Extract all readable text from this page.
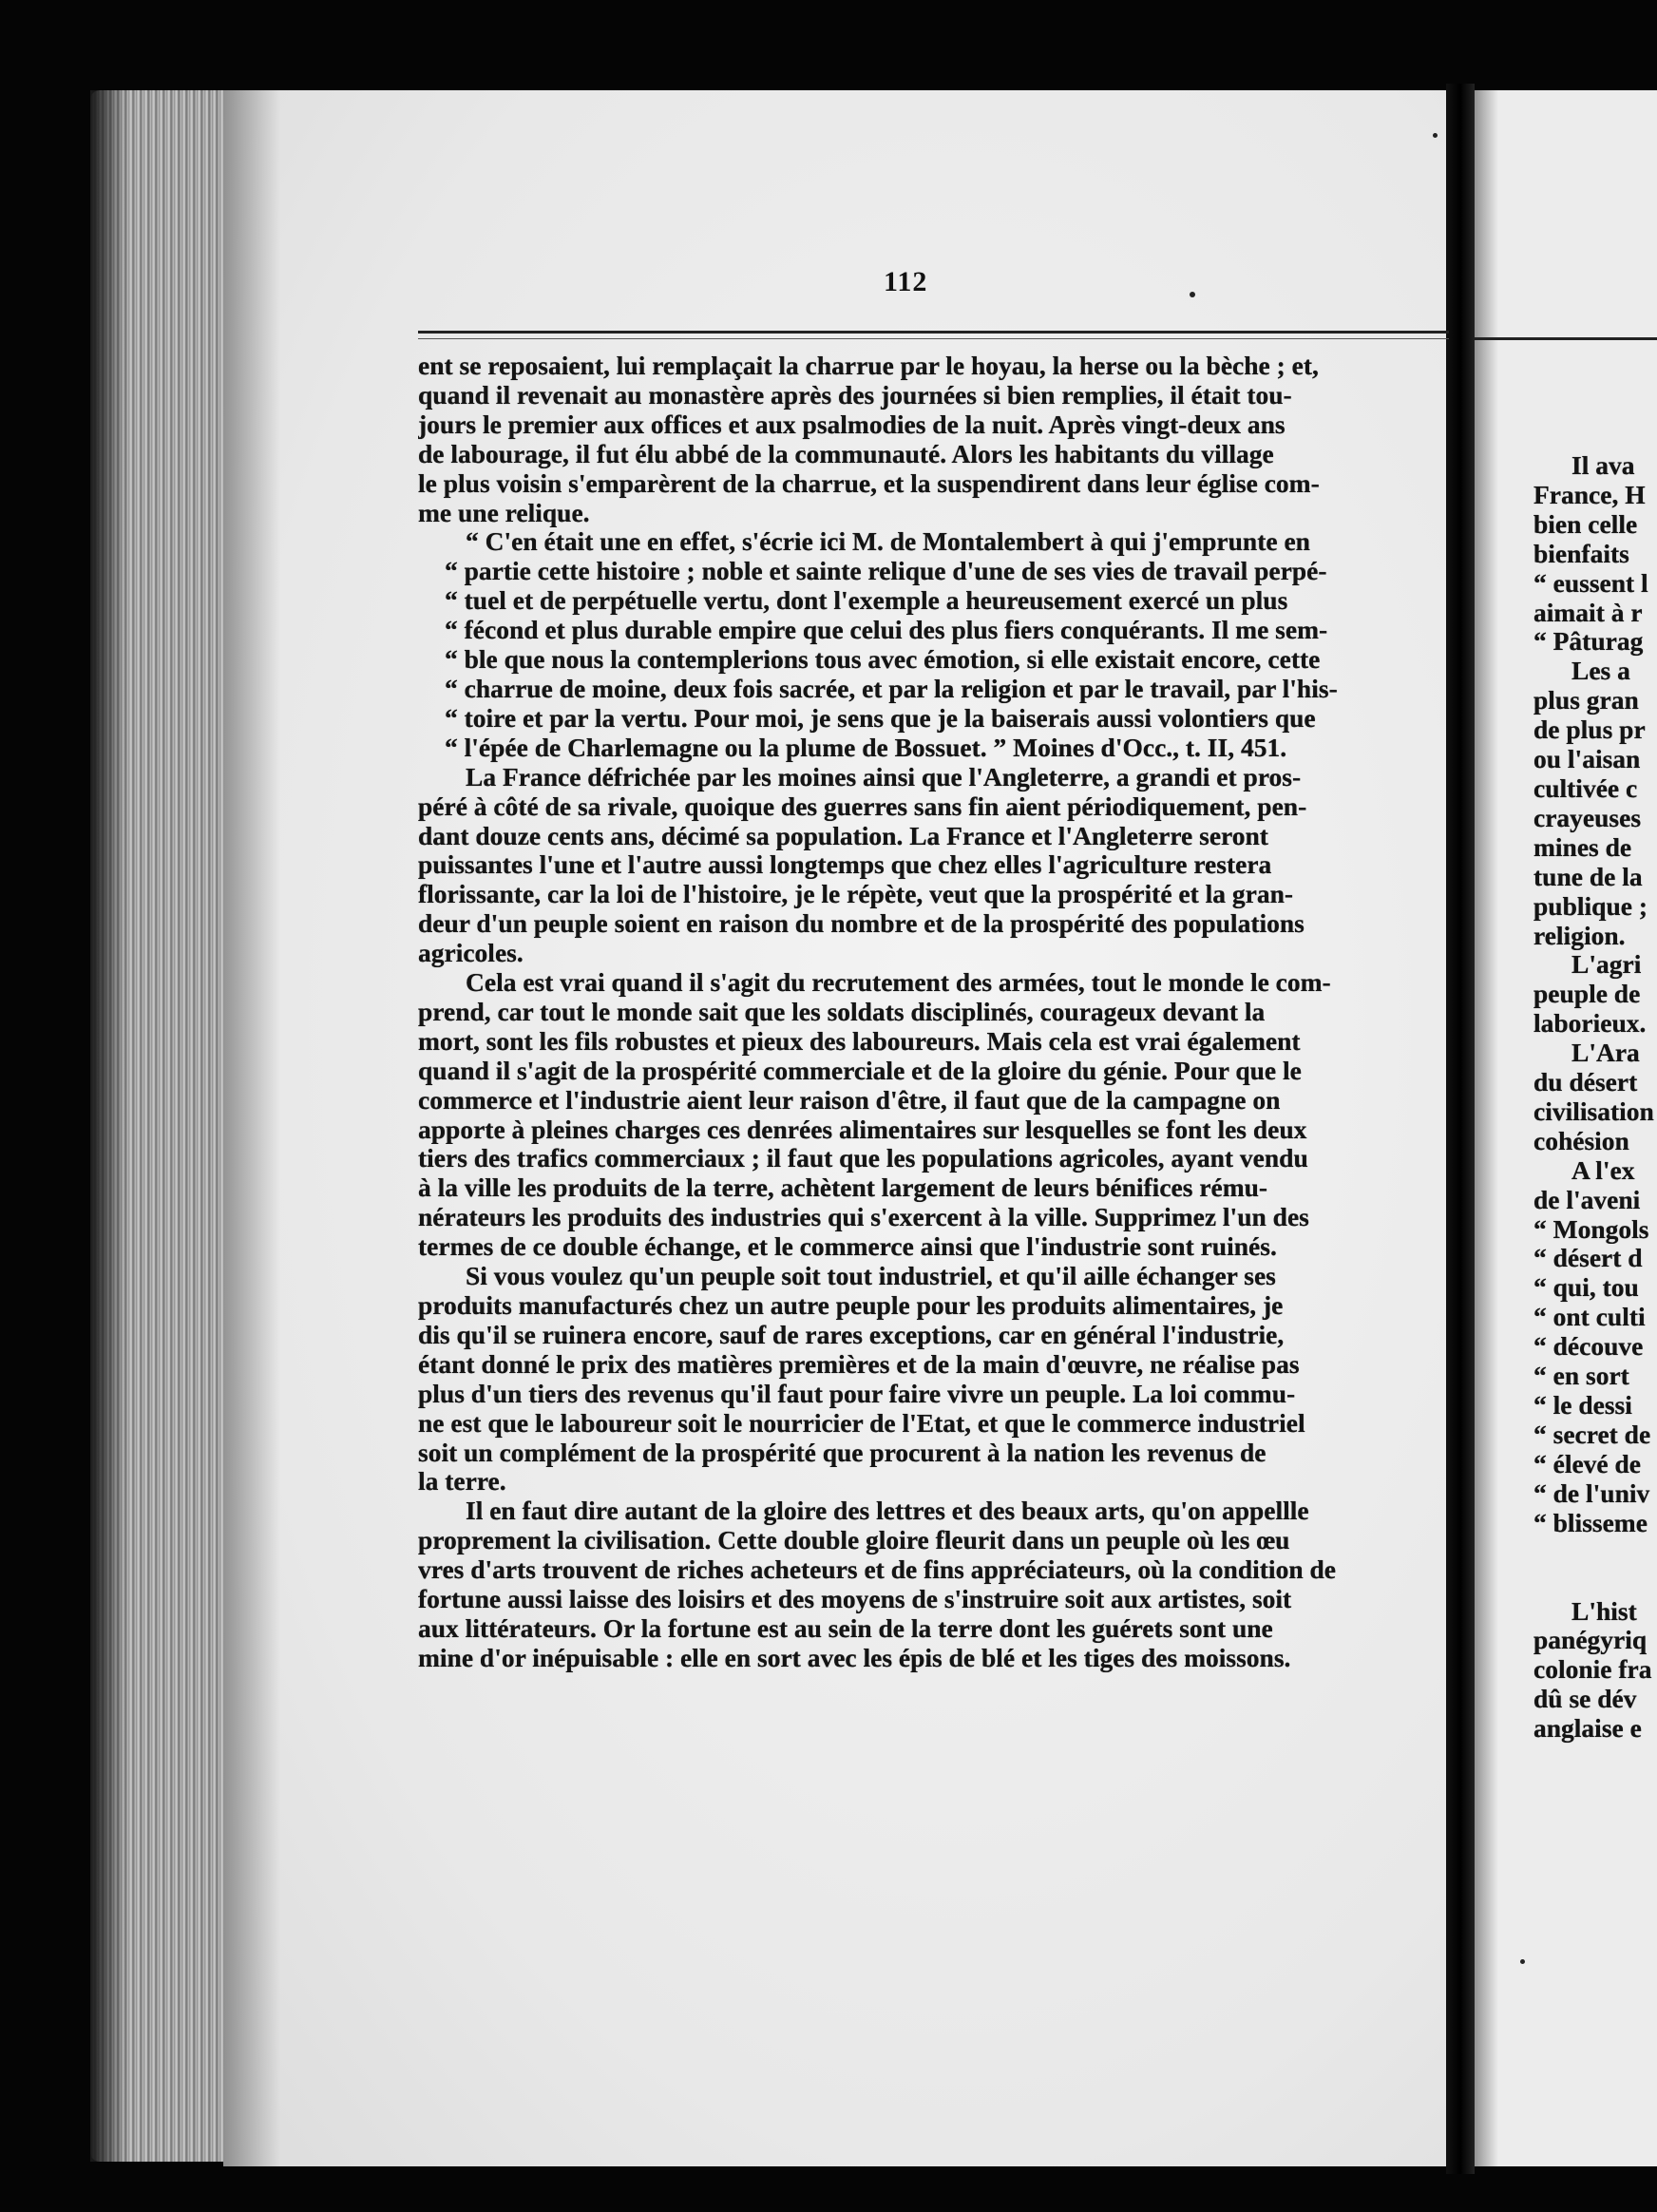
Il ava
France, H
bien celle
bienfaits
“ eussent l
aimait à r
“ Pâturag
Les a
plus gran
de plus pr
ou l'aisan
cultivée c
crayeuses
mines de
tune de la
publique ;
religion.
L'agri
peuple de
laborieux.
L'Ara
du désert
civilisation
cohésion
A l'ex
de l'aveni
“ Mongols
“ désert d
“ qui, tou
“ ont culti
“ découve
“ en sort
“ le dessi
“ secret de
“ élevé de
“ de l'univ
“ blisseme
L'hist
panégyriq
colonie fra
dû se dév
anglaise e
112
ent se reposaient, lui remplaçait la charrue par le hoyau, la herse ou la bèche ; et,
quand il revenait au monastère après des journées si bien remplies, il était tou-
jours le premier aux offices et aux psalmodies de la nuit. Après vingt-deux ans
de labourage, il fut élu abbé de la communauté. Alors les habitants du village
le plus voisin s'emparèrent de la charrue, et la suspendirent dans leur église com-
me une relique.
“ C'en était une en effet, s'écrie ici M. de Montalembert à qui j'emprunte en
“ partie cette histoire ; noble et sainte relique d'une de ses vies de travail perpé-
“ tuel et de perpétuelle vertu, dont l'exemple a heureusement exercé un plus
“ fécond et plus durable empire que celui des plus fiers conquérants. Il me sem-
“ ble que nous la contemplerions tous avec émotion, si elle existait encore, cette
“ charrue de moine, deux fois sacrée, et par la religion et par le travail, par l'his-
“ toire et par la vertu. Pour moi, je sens que je la baiserais aussi volontiers que
“ l'épée de Charlemagne ou la plume de Bossuet. ” Moines d'Occ., t. II, 451.
La France défrichée par les moines ainsi que l'Angleterre, a grandi et pros-
péré à côté de sa rivale, quoique des guerres sans fin aient périodiquement, pen-
dant douze cents ans, décimé sa population. La France et l'Angleterre seront
puissantes l'une et l'autre aussi longtemps que chez elles l'agriculture restera
florissante, car la loi de l'histoire, je le répète, veut que la prospérité et la gran-
deur d'un peuple soient en raison du nombre et de la prospérité des populations
agricoles.
Cela est vrai quand il s'agit du recrutement des armées, tout le monde le com-
prend, car tout le monde sait que les soldats disciplinés, courageux devant la
mort, sont les fils robustes et pieux des laboureurs. Mais cela est vrai également
quand il s'agit de la prospérité commerciale et de la gloire du génie. Pour que le
commerce et l'industrie aient leur raison d'être, il faut que de la campagne on
apporte à pleines charges ces denrées alimentaires sur lesquelles se font les deux
tiers des trafics commerciaux ; il faut que les populations agricoles, ayant vendu
à la ville les produits de la terre, achètent largement de leurs bénifices rému-
nérateurs les produits des industries qui s'exercent à la ville. Supprimez l'un des
termes de ce double échange, et le commerce ainsi que l'industrie sont ruinés.
Si vous voulez qu'un peuple soit tout industriel, et qu'il aille échanger ses
produits manufacturés chez un autre peuple pour les produits alimentaires, je
dis qu'il se ruinera encore, sauf de rares exceptions, car en général l'industrie,
étant donné le prix des matières premières et de la main d'œuvre, ne réalise pas
plus d'un tiers des revenus qu'il faut pour faire vivre un peuple. La loi commu-
ne est que le laboureur soit le nourricier de l'Etat, et que le commerce industriel
soit un complément de la prospérité que procurent à la nation les revenus de
la terre.
Il en faut dire autant de la gloire des lettres et des beaux arts, qu'on appellle
proprement la civilisation. Cette double gloire fleurit dans un peuple où les œu
vres d'arts trouvent de riches acheteurs et de fins appréciateurs, où la condition de
fortune aussi laisse des loisirs et des moyens de s'instruire soit aux artistes, soit
aux littérateurs. Or la fortune est au sein de la terre dont les guérets sont une
mine d'or inépuisable : elle en sort avec les épis de blé et les tiges des moissons.
